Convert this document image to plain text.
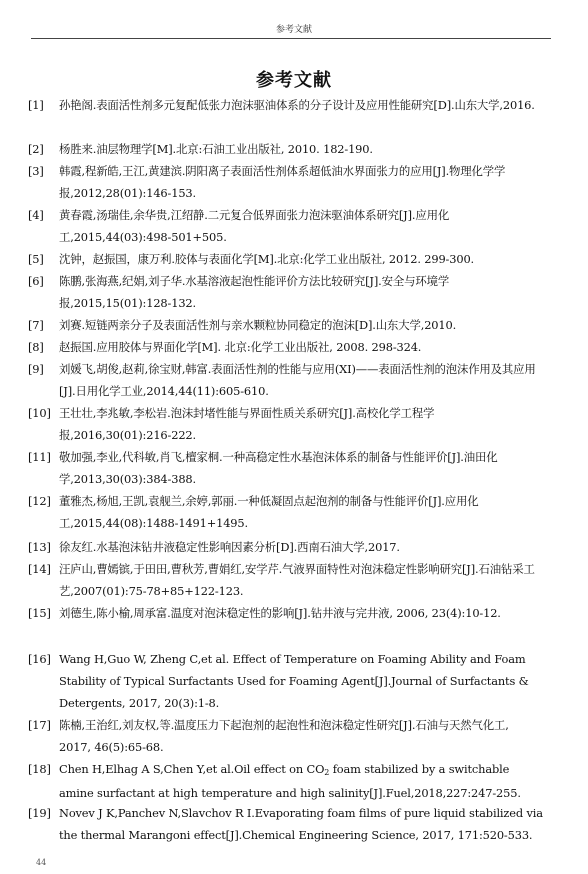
参考文献
参考文献
[1] 孙艳阁.表面活性剂多元复配低张力泡沫驱油体系的分子设计及应用性能研究[D].山东大学,2016.
[2] 杨胜来.油层物理学[M].北京:石油工业出版社, 2010. 182-190.
[3] 韩霞,程新皓,王江,黄建滨.阴阳离子表面活性剂体系超低油水界面张力的应用[J].物理化学学报,2012,28(01):146-153.
[4] 黄春霞,汤瑞佳,余华贵,江绍静.二元复合低界面张力泡沫驱油体系研究[J].应用化工,2015,44(03):498-501+505.
[5] 沈钟，赵振国，康万利.胶体与表面化学[M].北京:化学工业出版社, 2012. 299-300.
[6] 陈鹏,张海燕,纪娟,刘子华.水基溶液起泡性能评价方法比较研究[J].安全与环境学报,2015,15(01):128-132.
[7] 刘赛.短链两亲分子及表面活性剂与亲水颗粒协同稳定的泡沫[D].山东大学,2010.
[8] 赵振国.应用胶体与界面化学[M]. 北京:化学工业出版社, 2008. 298-324.
[9] 刘媛飞,胡俊,赵莉,徐宝财,韩富.表面活性剂的性能与应用(XI)——表面活性剂的泡沫作用及其应用[J].日用化学工业,2014,44(11):605-610.
[10] 王壮壮,李兆敏,李松岩.泡沫封堵性能与界面性质关系研究[J].高校化学工程学报,2016,30(01):216-222.
[11] 敬加强,李业,代科敏,肖飞,檀家桐.一种高稳定性水基泡沫体系的制备与性能评价[J].油田化学,2013,30(03):384-388.
[12] 董雅杰,杨旭,王凯,袁舰兰,余婷,郭丽.一种低凝固点起泡剂的制备与性能评价[J].应用化工,2015,44(08):1488-1491+1495.
[13] 徐友红.水基泡沫钻井液稳定性影响因素分析[D].西南石油大学,2017.
[14] 汪庐山,曹嫣镔,于田田,曹秋芳,曹娟红,安学芹.气液界面特性对泡沫稳定性影响研究[J].石油钻采工艺,2007(01):75-78+85+122-123.
[15] 刘德生,陈小榆,周承富.温度对泡沫稳定性的影响[J].钻井液与完井液, 2006, 23(4):10-12.
[16] Wang H,Guo W, Zheng C,et al. Effect of Temperature on Foaming Ability and Foam Stability of Typical Surfactants Used for Foaming Agent[J].Journal of Surfactants & Detergents, 2017, 20(3):1-8.
[17] 陈楠,王治红,刘友权,等.温度压力下起泡剂的起泡性和泡沫稳定性研究[J].石油与天然气化工, 2017, 46(5):65-68.
[18] Chen H,Elhag A S,Chen Y,et al.Oil effect on $CO_2$ foam stabilized by a switchable amine surfactant at high temperature and high salinity[J].Fuel,2018,227:247-255.
[19] Novev J K,Panchev N,Slavchov R I.Evaporating foam films of pure liquid stabilized via the thermal Marangoni effect[J].Chemical Engineering Science, 2017, 171:520-533.
44
